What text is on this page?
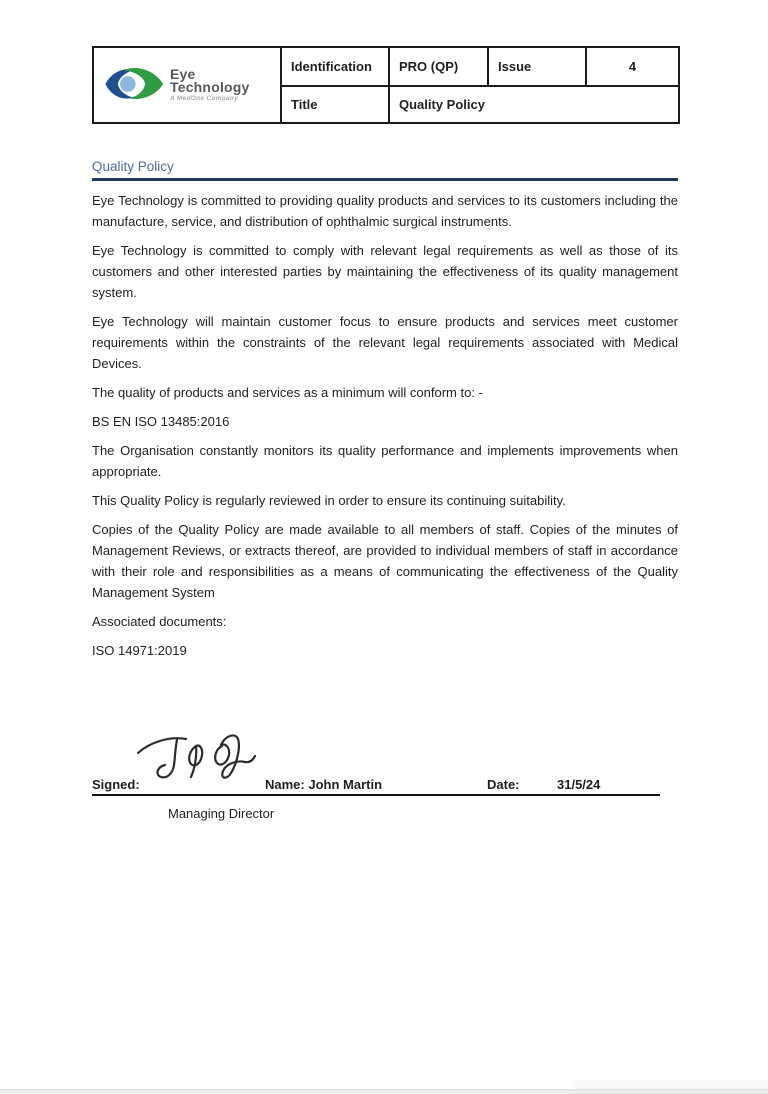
Eye
Technology
A MedOne Company	Identification	PRO (QP)	Issue	4
	Title	Quality Policy		
Quality Policy

Eye Technology is committed to providing quality products and services to its customers including the manufacture, service, and distribution of ophthalmic surgical instruments.

Eye Technology is committed to comply with relevant legal requirements as well as those of its customers and other interested parties by maintaining the effectiveness of its quality management system.

Eye Technology will maintain customer focus to ensure products and services meet customer requirements within the constraints of the relevant legal requirements associated with Medical Devices.

The quality of products and services as a minimum will conform to: -

BS EN ISO 13485:2016

The Organisation constantly monitors its quality performance and implements improvements when appropriate.

This Quality Policy is regularly reviewed in order to ensure its continuing suitability.

Copies of the Quality Policy are made available to all members of staff. Copies of the minutes of Management Reviews, or extracts thereof, are provided to individual members of staff in accordance with their role and responsibilities as a means of communicating the effectiveness of the Quality Management System

Associated documents:

ISO 14971:2019

Signed:	Name: John Martin	Date:	31/5/24
Managing Director
